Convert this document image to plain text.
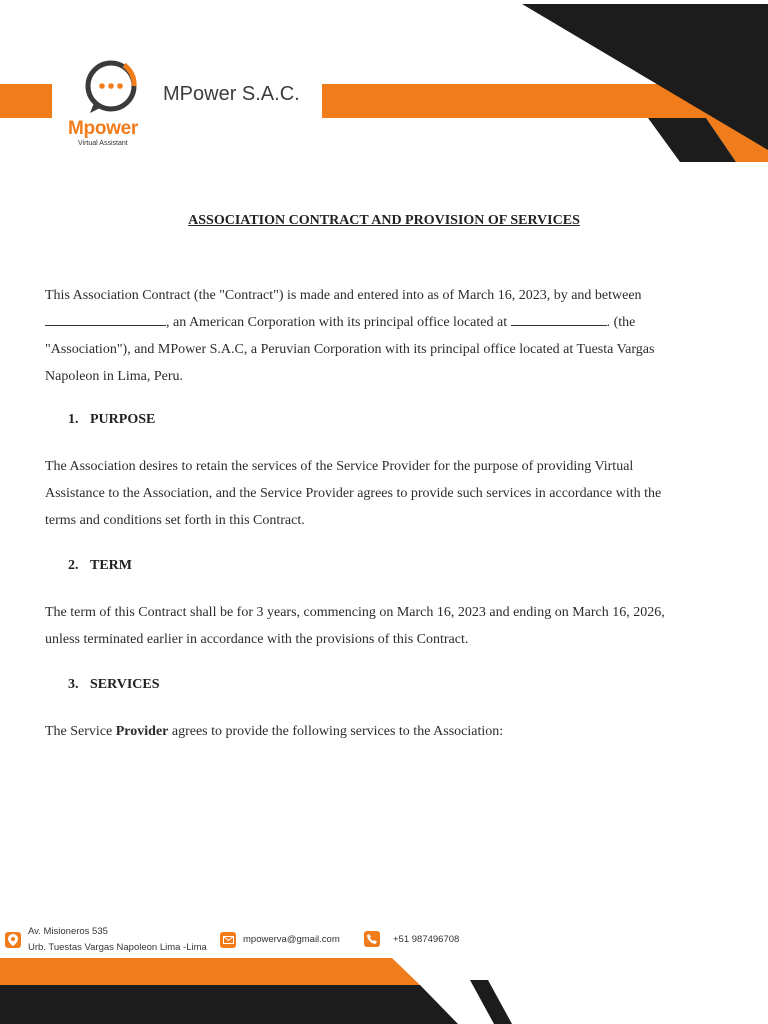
Mpower
Virtual Assistant
MPower S.A.C.
ASSOCIATION CONTRACT AND PROVISION OF SERVICES
This Association Contract (the "Contract") is made and entered into as of March 16, 2023, by and between
, an American Corporation with its principal office located at	. (the
"Association"), and MPower S.A.C, a Peruvian Corporation with its principal office located at Tuesta Vargas
Napoleon in Lima, Peru.
1. PURPOSE
The Association desires to retain the services of the Service Provider for the purpose of providing Virtual
Assistance to the Association, and the Service Provider agrees to provide such services in accordance with the
terms and conditions set forth in this Contract.
2. TERM
The term of this Contract shall be for 3 years, commencing on March 16, 2023 and ending on March 16, 2026,
unless terminated earlier in accordance with the provisions of this Contract.
3. SERVICES
The Service Provider agrees to provide the following services to the Association:
Av. Misioneros 535
Urb. Tuestas Vargas Napoleon Lima -Lima
mpowerva@gmail.com	+51 987496708
